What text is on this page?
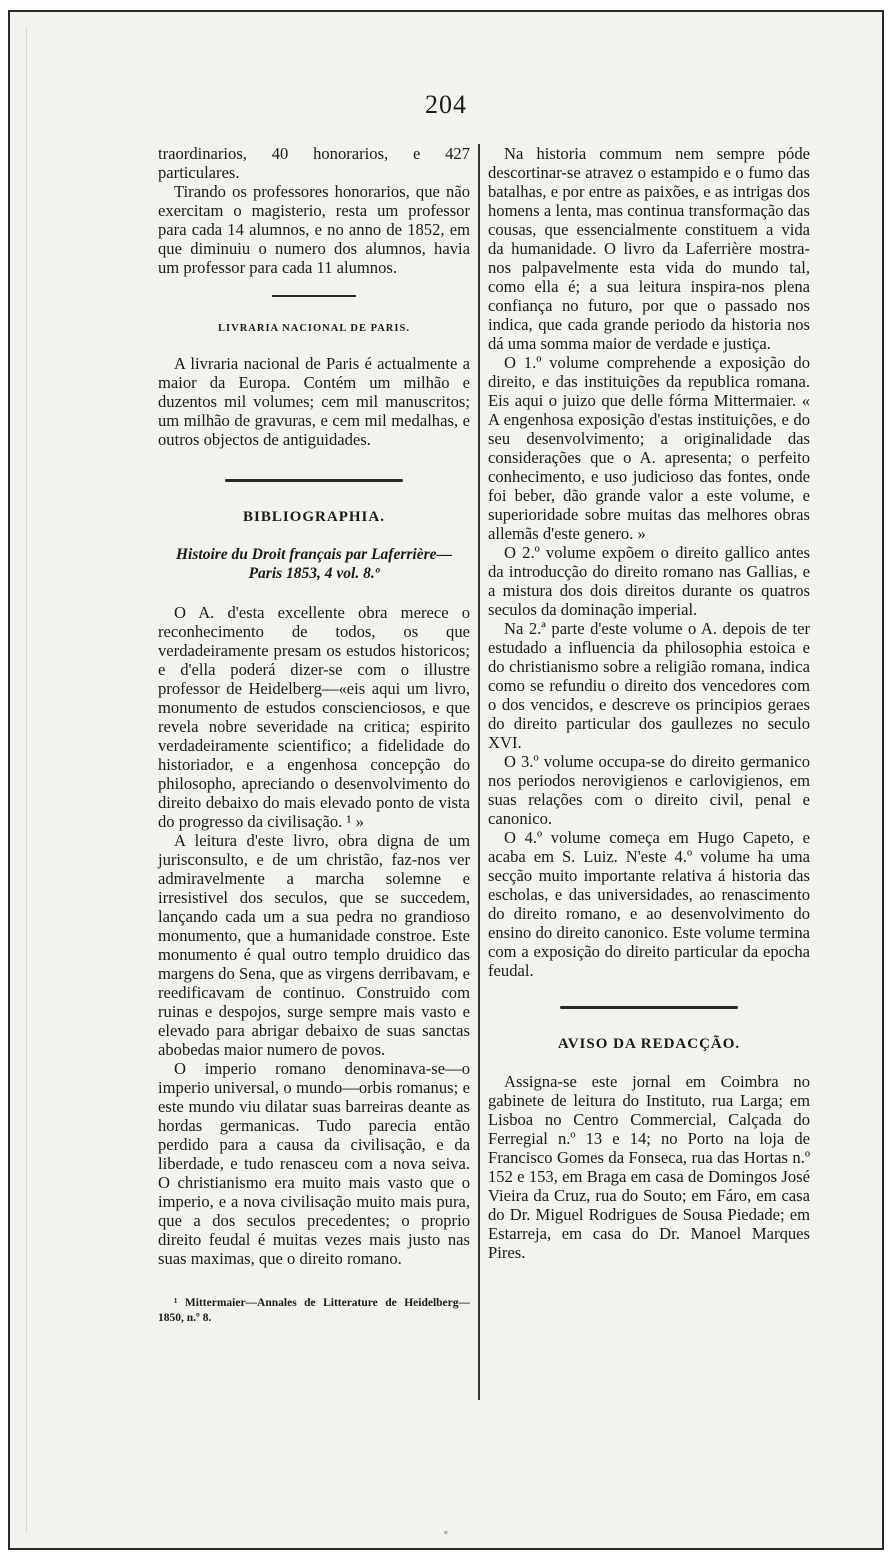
204

traordinarios, 40 honorarios, e 427 particulares.

Tirando os professores honorarios, que não exercitam o magisterio, resta um professor para cada 14 alumnos, e no anno de 1852, em que diminuiu o numero dos alumnos, havia um professor para cada 11 alumnos.

LIVRARIA NACIONAL DE PARIS.

A livraria nacional de Paris é actualmente a maior da Europa. Contém um milhão e duzentos mil volumes; cem mil manuscritos; um milhão de gravuras, e cem mil medalhas, e outros objectos de antiguidades.

BIBLIOGRAPHIA.
Histoire du Droit français par Laferrière— Paris 1853, 4 vol. 8.º

O A. d'esta excellente obra merece o reconhecimento de todos, os que verdadeiramente presam os estudos historicos; e d'ella poderá dizer-se com o illustre professor de Heidelberg—«eis aqui um livro, monumento de estudos conscienciosos, e que revela nobre severidade na critica; espirito verdadeiramente scientifico; a fidelidade do historiador, e a engenhosa concepção do philosopho, apreciando o desenvolvimento do direito debaixo do mais elevado ponto de vista do progresso da civilisação. ¹ »

A leitura d'este livro, obra digna de um jurisconsulto, e de um christão, faz-nos ver admiravelmente a marcha solemne e irresistivel dos seculos, que se succedem, lançando cada um a sua pedra no grandioso monumento, que a humanidade constroe. Este monumento é qual outro templo druidico das margens do Sena, que as virgens derribavam, e reedificavam de continuo. Construido com ruinas e despojos, surge sempre mais vasto e elevado para abrigar debaixo de suas sanctas abobedas maior numero de povos.

O imperio romano denominava-se—o imperio universal, o mundo—orbis romanus; e este mundo viu dilatar suas barreiras deante as hordas germanicas. Tudo parecia então perdido para a causa da civilisação, e da liberdade, e tudo renasceu com a nova seiva. O christianismo era muito mais vasto que o imperio, e a nova civilisação muito mais pura, que a dos seculos precedentes; o proprio direito feudal é muitas vezes mais justo nas suas maximas, que o direito romano.

¹ Mittermaier—Annales de Litterature de Heidelberg—1850, n.º 8.

Na historia commum nem sempre póde descortinar-se atravez o estampido e o fumo das batalhas, e por entre as paixões, e as intrigas dos homens a lenta, mas continua transformação das cousas, que essencialmente constituem a vida da humanidade. O livro da Laferrière mostra-nos palpavelmente esta vida do mundo tal, como ella é; a sua leitura inspira-nos plena confiança no futuro, por que o passado nos indica, que cada grande periodo da historia nos dá uma somma maior de verdade e justiça.

O 1.º volume comprehende a exposição do direito, e das instituições da republica romana. Eis aqui o juizo que delle fórma Mittermaier. « A engenhosa exposição d'estas instituições, e do seu desenvolvimento; a originalidade das considerações que o A. apresenta; o perfeito conhecimento, e uso judicioso das fontes, onde foi beber, dão grande valor a este volume, e superioridade sobre muitas das melhores obras allemãs d'este genero. »

O 2.º volume expõem o direito gallico antes da introducção do direito romano nas Gallias, e a mistura dos dois direitos durante os quatros seculos da dominação imperial.

Na 2.ª parte d'este volume o A. depois de ter estudado a influencia da philosophia estoica e do christianismo sobre a religião romana, indica como se refundiu o direito dos vencedores com o dos vencidos, e descreve os principios geraes do direito particular dos gaullezes no seculo XVI.

O 3.º volume occupa-se do direito germanico nos periodos nerovigienos e carlovigienos, em suas relações com o direito civil, penal e canonico.

O 4.º volume começa em Hugo Capeto, e acaba em S. Luiz. N'este 4.º volume ha uma secção muito importante relativa á historia das escholas, e das universidades, ao renascimento do direito romano, e ao desenvolvimento do ensino do direito canonico. Este volume termina com a exposição do direito particular da epocha feudal.

AVISO DA REDACÇÃO.

Assigna-se este jornal em Coimbra no gabinete de leitura do Instituto, rua Larga; em Lisboa no Centro Commercial, Calçada do Ferregial n.º 13 e 14; no Porto na loja de Francisco Gomes da Fonseca, rua das Hortas n.º 152 e 153, em Braga em casa de Domingos José Vieira da Cruz, rua do Souto; em Fáro, em casa do Dr. Miguel Rodrigues de Sousa Piedade; em Estarreja, em casa do Dr. Manoel Marques Pires.

«
